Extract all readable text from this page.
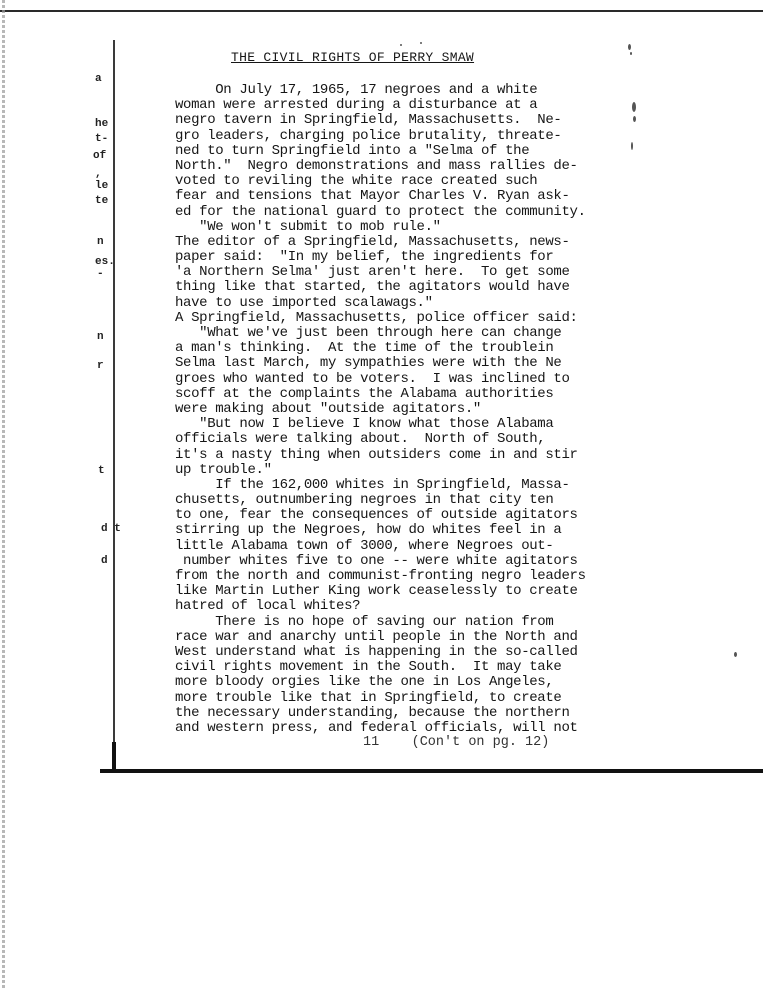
a
he
t-
of
,
le
te
n
es.
-
n
r
t
d t
d
THE CIVIL RIGHTS OF PERRY SMAW
On July 17, 1965, 17 negroes and a white
woman were arrested during a disturbance at a
negro tavern in Springfield, Massachusetts.  Ne-
gro leaders, charging police brutality, threate-
ned to turn Springfield into a "Selma of the
North."  Negro demonstrations and mass rallies de-
voted to reviling the white race created such
fear and tensions that Mayor Charles V. Ryan ask-
ed for the national guard to protect the community.
"We won't submit to mob rule."
The editor of a Springfield, Massachusetts, news-
paper said:  "In my belief, the ingredients for
'a Northern Selma' just aren't here.  To get some
thing like that started, the agitators would have
have to use imported scalawags."
A Springfield, Massachusetts, police officer said:
"What we've just been through here can change
a man's thinking.  At the time of the troublein
Selma last March, my sympathies were with the Ne
groes who wanted to be voters.  I was inclined to
scoff at the complaints the Alabama authorities
were making about "outside agitators."
"But now I believe I know what those Alabama
officials were talking about.  North of South,
it's a nasty thing when outsiders come in and stir
up trouble."
If the 162,000 whites in Springfield, Massa-
chusetts, outnumbering negroes in that city ten
to one, fear the consequences of outside agitators
stirring up the Negroes, how do whites feel in a
little Alabama town of 3000, where Negroes out-
number whites five to one -- were white agitators
from the north and communist-fronting negro leaders
like Martin Luther King work ceaselessly to create
hatred of local whites?
There is no hope of saving our nation from
race war and anarchy until people in the North and
West understand what is happening in the so-called
civil rights movement in the South.  It may take
more bloody orgies like the one in Los Angeles,
more trouble like that in Springfield, to create
the necessary understanding, because the northern
and western press, and federal officials, will not
11    (Con't on pg. 12)
